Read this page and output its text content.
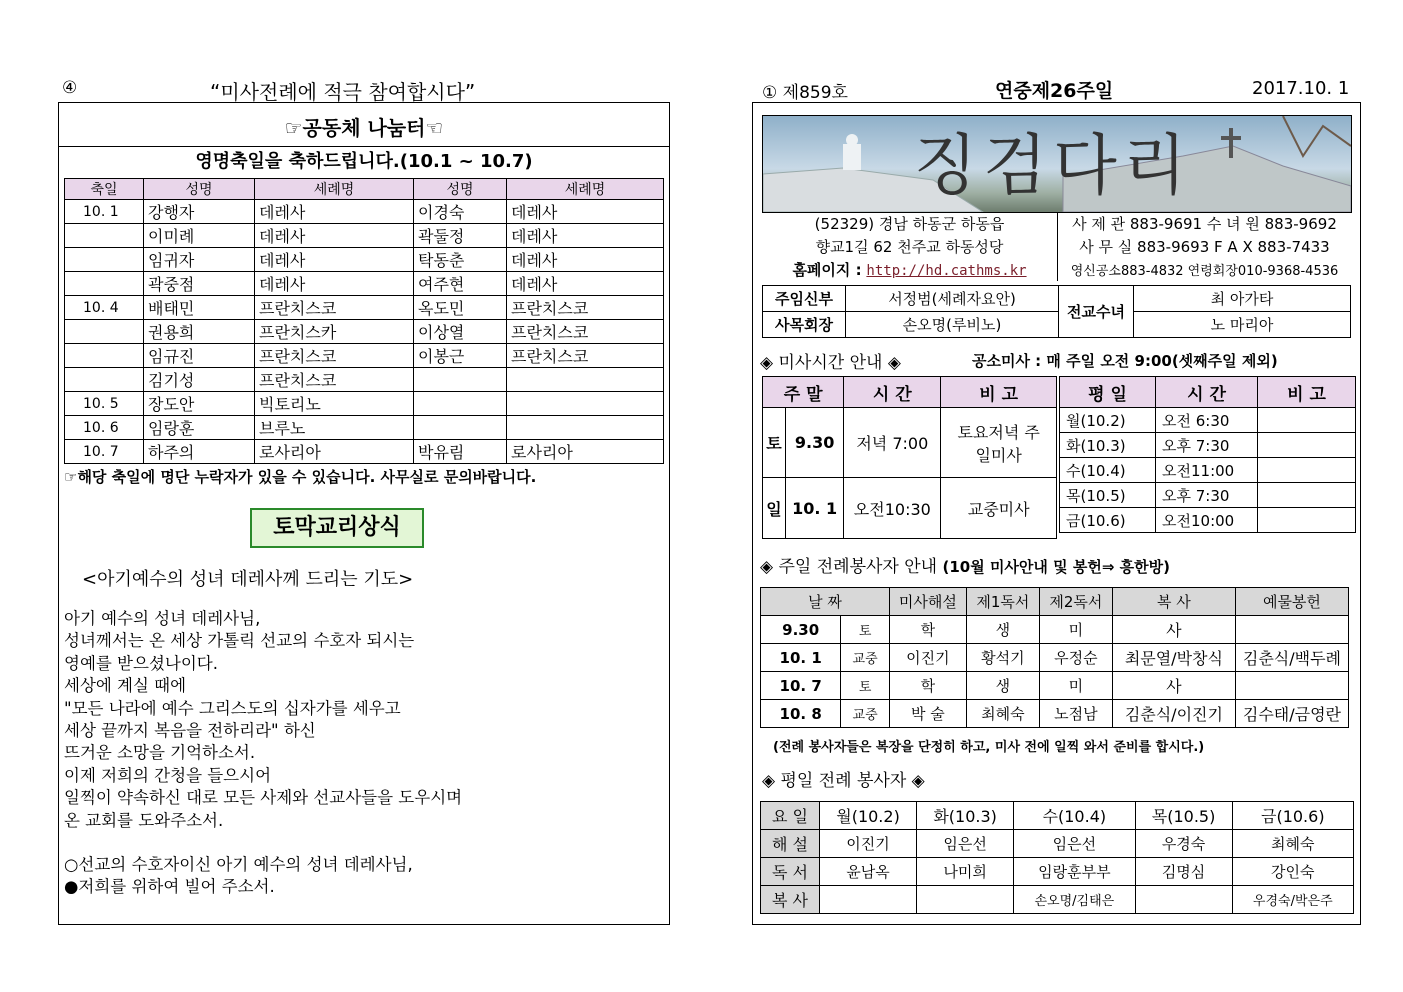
④	“미사전례에 적극 참여합시다”
☞공동체 나눔터☜
영명축일을 축하드립니다.(10.1 ~ 10.7)
축일	성명	세례명	성명	세례명
10. 1	강행자	데레사	이경숙	데레사
	이미례	데레사	곽둘정	데레사
	임귀자	데레사	탁동춘	데레사
	곽중점	데레사	여주현	데레사
10. 4	배태민	프란치스코	옥도민	프란치스코
	권용희	프란치스카	이상열	프란치스코
	임규진	프란치스코	이봉근	프란치스코
	김기성	프란치스코		
10. 5	장도안	빅토리노		
10. 6	임랑훈	브루노		
10. 7	하주의	로사리아	박유림	로사리아
☞해당 축일에 명단 누락자가 있을 수 있습니다. 사무실로 문의바랍니다.
토막교리상식
<아기예수의 성녀 데레사께 드리는 기도>
아기 예수의 성녀 데레사님,
성녀께서는 온 세상 가톨릭 선교의 수호자 되시는
영예를 받으셨나이다.
세상에 계실 때에
"모든 나라에 예수 그리스도의 십자가를 세우고
세상 끝까지 복음을 전하리라" 하신
뜨거운 소망을 기억하소서.
이제 저희의 간청을 들으시어
일찍이 약속하신 대로 모든 사제와 선교사들을 도우시며
온 교회를 도와주소서.
○선교의 수호자이신 아기 예수의 성녀 데레사님,
●저희를 위하여 빌어 주소서.
① 제859호	연중제26주일	2017.10. 1
징검다리
(52329) 경남 하동군 하동읍	사 제 관 883-9691 수 녀 원 883-9692
향교1길 62 천주교 하동성당	사 무 실 883-9693 F A X 883-7433
홈페이지 : http://hd.cathms.kr	영신공소883-4832 연령회장010-9368-4536
주임신부	서정범(세례자요안)	전교수녀	최 아가타
사목회장	손오명(루비노)		노 마리아
◈ 미사시간 안내 ◈	공소미사 : 매 주일 오전 9:00(셋째주일 제외)
주 말		시 간	비 고
토	9.30	저녁 7:00	토요저녁 주일미사
일	10. 1	오전10:30	교중미사
평 일	시 간	비 고
월(10.2)	오전 6:30	
화(10.3)	오후 7:30	
수(10.4)	오전11:00	
목(10.5)	오후 7:30	
금(10.6)	오전10:00	
◈ 주일 전례봉사자 안내 (10월 미사안내 및 봉헌⇒ 흥한방)
날 짜		미사해설	제1독서	제2독서	복 사	예물봉헌
9.30	토	학	생	미	사	
10. 1	교중	이진기	황석기	우정순	최문열/박창식	김춘식/백두례
10. 7	토	학	생	미	사	
10. 8	교중	박 술	최혜숙	노점남	김춘식/이진기	김수태/금영란
(전례 봉사자들은 복장을 단정히 하고, 미사 전에 일찍 와서 준비를 합시다.)
◈ 평일 전례 봉사자 ◈
요 일	월(10.2)	화(10.3)	수(10.4)	목(10.5)	금(10.6)
해 설	이진기	임은선	임은선	우경숙	최혜숙
독 서	윤남옥	나미희	임랑훈부부	김명심	강인숙
복 사			손오명/김태은		우경숙/박은주
